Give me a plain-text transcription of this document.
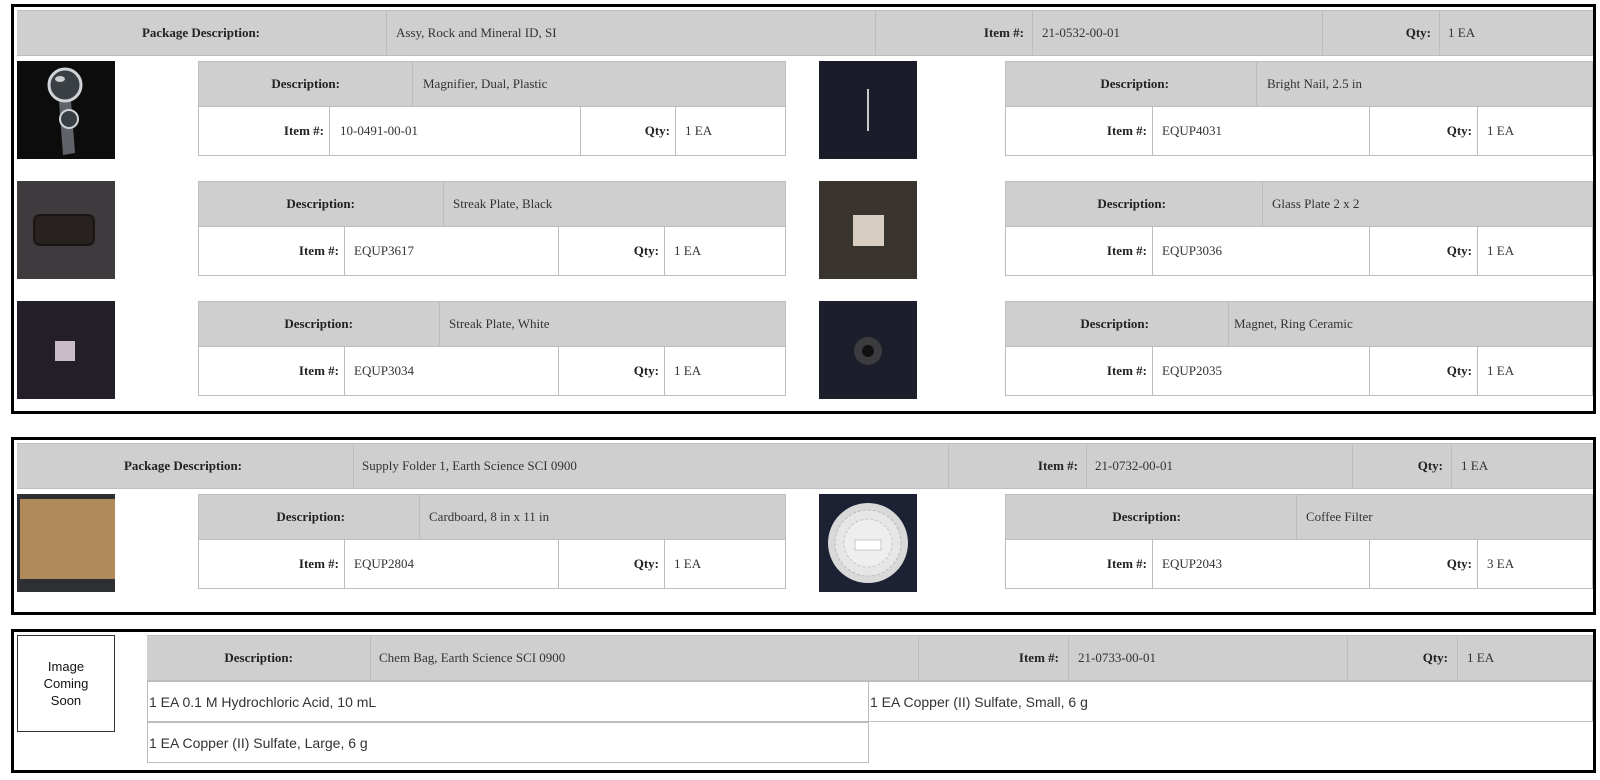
Package Description:	Assy, Rock and Mineral ID, SI	Item #:	21-0532-00-01	Qty:	1 EA
Description:	Magnifier, Dual, Plastic
Item #:	10-0491-00-01	Qty:	1 EA
Description:	Bright Nail, 2.5 in
Item #:	EQUP4031	Qty:	1 EA
Description:	Streak Plate, Black
Item #:	EQUP3617	Qty:	1 EA
Description:	Glass Plate 2 x 2
Item #:	EQUP3036	Qty:	1 EA
Description:	Streak Plate, White
Item #:	EQUP3034	Qty:	1 EA
Description:	Magnet, Ring Ceramic
Item #:	EQUP2035	Qty:	1 EA
Package Description:	Supply Folder 1, Earth Science SCI 0900	Item #:	21-0732-00-01	Qty:	1 EA
Description:	Cardboard, 8 in x 11 in
Item #:	EQUP2804	Qty:	1 EA
Description:	Coffee Filter
Item #:	EQUP2043	Qty:	3 EA
Image
Coming
Soon
Description:	Chem Bag, Earth Science SCI 0900	Item #:	21-0733-00-01	Qty:	1 EA
1 EA 0.1 M Hydrochloric Acid, 10 mL	1 EA Copper (II) Sulfate, Small, 6 g
1 EA Copper (II) Sulfate, Large, 6 g
